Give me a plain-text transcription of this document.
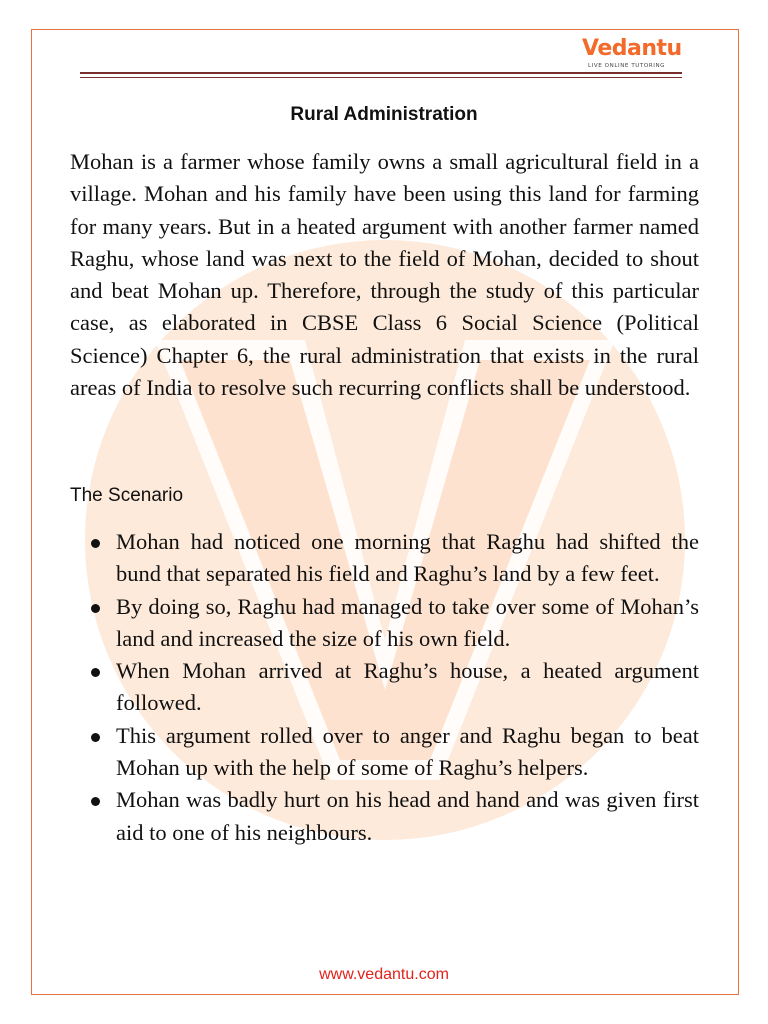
Vedantu
LIVE ONLINE TUTORING
Rural Administration

Mohan is a farmer whose family owns a small agricultural field in a village. Mohan and his family have been using this land for farming for many years. But in a heated argument with another farmer named Raghu, whose land was next to the field of Mohan, decided to shout and beat Mohan up. Therefore, through the study of this particular case, as elaborated in CBSE Class 6 Social Science (Political Science) Chapter 6, the rural administration that exists in the rural areas of India to resolve such recurring conflicts shall be understood.

The Scenario
Mohan had noticed one morning that Raghu had shifted the bund that separated his field and Raghu’s land by a few feet.
By doing so, Raghu had managed to take over some of Mohan’s land and increased the size of his own field.
When Mohan arrived at Raghu’s house, a heated argument followed.
This argument rolled over to anger and Raghu began to beat Mohan up with the help of some of Raghu’s helpers.
Mohan was badly hurt on his head and hand and was given first aid to one of his neighbours.
www.vedantu.com
